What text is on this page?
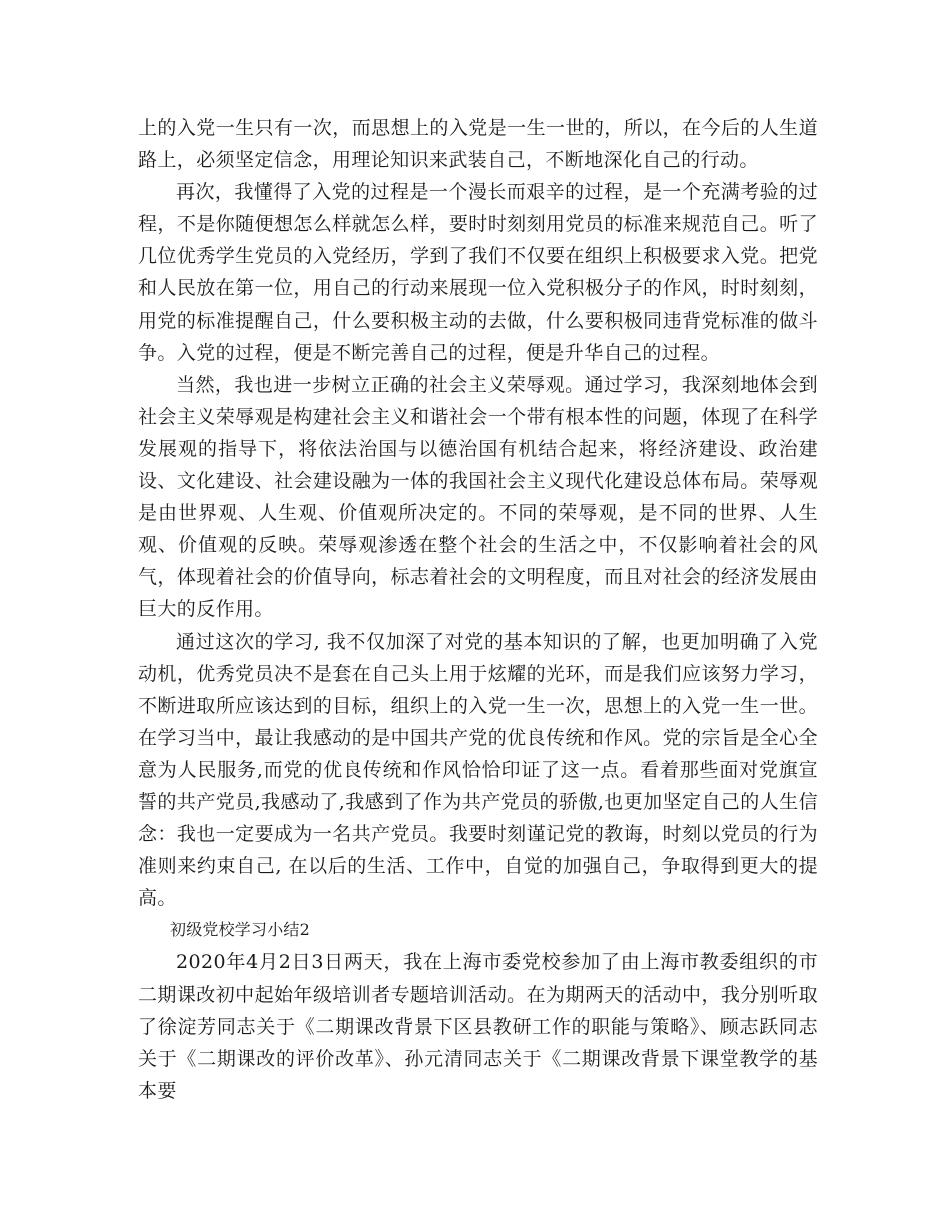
上的入党一生只有一次，而思想上的入党是一生一世的，所以，在今后的人生道路上，必须坚定信念，用理论知识来武装自己，不断地深化自己的行动。

再次，我懂得了入党的过程是一个漫长而艰辛的过程，是一个充满考验的过程，不是你随便想怎么样就怎么样，要时时刻刻用党员的标准来规范自己。听了几位优秀学生党员的入党经历，学到了我们不仅要在组织上积极要求入党。把党和人民放在第一位，用自己的行动来展现一位入党积极分子的作风，时时刻刻，用党的标准提醒自己，什么要积极主动的去做，什么要积极同违背党标准的做斗争。入党的过程，便是不断完善自己的过程，便是升华自己的过程。

当然，我也进一步树立正确的社会主义荣辱观。通过学习，我深刻地体会到社会主义荣辱观是构建社会主义和谐社会一个带有根本性的问题，体现了在科学发展观的指导下，将依法治国与以德治国有机结合起来，将经济建设、政治建设、文化建设、社会建设融为一体的我国社会主义现代化建设总体布局。荣辱观是由世界观、人生观、价值观所决定的。不同的荣辱观，是不同的世界、人生观、价值观的反映。荣辱观渗透在整个社会的生活之中，不仅影响着社会的风气，体现着社会的价值导向，标志着社会的文明程度，而且对社会的经济发展由巨大的反作用。

通过这次的学习, 我不仅加深了对党的基本知识的了解，也更加明确了入党动机，优秀党员决不是套在自己头上用于炫耀的光环，而是我们应该努力学习，不断进取所应该达到的目标，组织上的入党一生一次，思想上的入党一生一世。在学习当中，最让我感动的是中国共产党的优良传统和作风。党的宗旨是全心全意为人民服务,而党的优良传统和作风恰恰印证了这一点。看着那些面对党旗宣誓的共产党员,我感动了,我感到了作为共产党员的骄傲,也更加坚定自己的人生信念：我也一定要成为一名共产党员。我要时刻谨记党的教诲，时刻以党员的行为准则来约束自己, 在以后的生活、工作中，自觉的加强自己，争取得到更大的提高。

初级党校学习小结2

2020年4月2日3日两天，我在上海市委党校参加了由上海市教委组织的市二期课改初中起始年级培训者专题培训活动。在为期两天的活动中，我分别听取了徐淀芳同志关于《二期课改背景下区县教研工作的职能与策略》、顾志跃同志关于《二期课改的评价改革》、孙元清同志关于《二期课改背景下课堂教学的基本要
